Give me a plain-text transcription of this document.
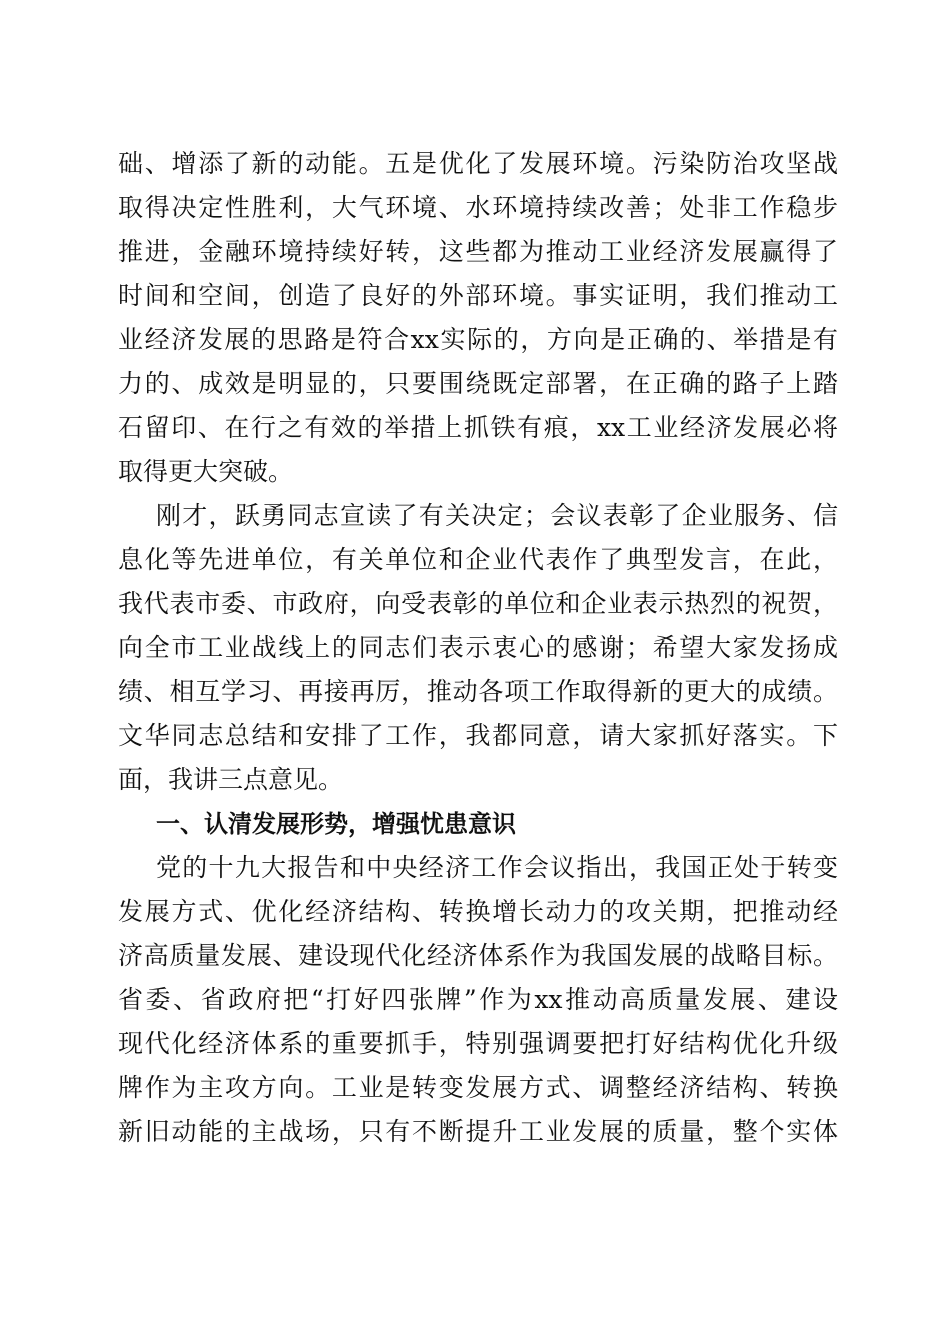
础、增添了新的动能。五是优化了发展环境。污染防治攻坚战
取得决定性胜利，大气环境、水环境持续改善；处非工作稳步
推进，金融环境持续好转，这些都为推动工业经济发展赢得了
时间和空间，创造了良好的外部环境。事实证明，我们推动工
业经济发展的思路是符合xx实际的，方向是正确的、举措是有
力的、成效是明显的，只要围绕既定部署，在正确的路子上踏
石留印、在行之有效的举措上抓铁有痕，xx工业经济发展必将
取得更大突破。
刚才，跃勇同志宣读了有关决定；会议表彰了企业服务、信
息化等先进单位，有关单位和企业代表作了典型发言，在此，
我代表市委、市政府，向受表彰的单位和企业表示热烈的祝贺，
向全市工业战线上的同志们表示衷心的感谢；希望大家发扬成
绩、相互学习、再接再厉，推动各项工作取得新的更大的成绩。
文华同志总结和安排了工作，我都同意，请大家抓好落实。下
面，我讲三点意见。
一、认清发展形势，增强忧患意识
党的十九大报告和中央经济工作会议指出，我国正处于转变
发展方式、优化经济结构、转换增长动力的攻关期，把推动经
济高质量发展、建设现代化经济体系作为我国发展的战略目标。
省委、省政府把“打好四张牌”作为xx推动高质量发展、建设
现代化经济体系的重要抓手，特别强调要把打好结构优化升级
牌作为主攻方向。工业是转变发展方式、调整经济结构、转换
新旧动能的主战场，只有不断提升工业发展的质量，整个实体
